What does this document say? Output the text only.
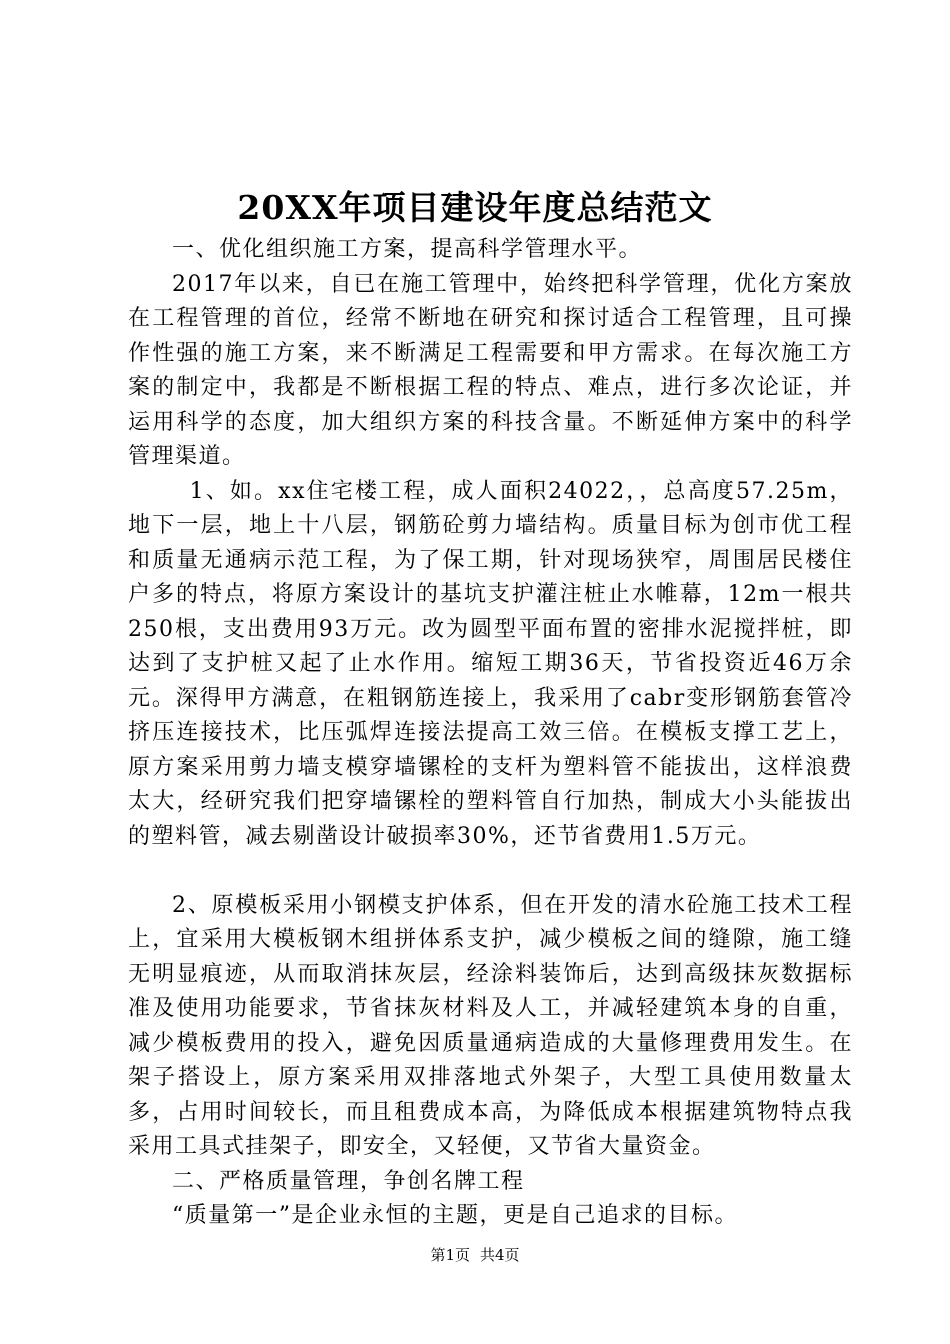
20XX年项目建设年度总结范文

一、优化组织施工方案，提高科学管理水平。

2017年以来，自已在施工管理中，始终把科学管理，优化方案放在工程管理的首位，经常不断地在研究和探讨适合工程管理，且可操作性强的施工方案，来不断满足工程需要和甲方需求。在每次施工方案的制定中，我都是不断根据工程的特点、难点，进行多次论证，并运用科学的态度，加大组织方案的科技含量。不断延伸方案中的科学管理渠道。

1、如。xx住宅楼工程，成人面积24022，，总高度57.25m，地下一层，地上十八层，钢筋砼剪力墙结构。质量目标为创市优工程和质量无通病示范工程，为了保工期，针对现场狭窄，周围居民楼住户多的特点，将原方案设计的基坑支护灌注桩止水帷幕，12m一根共250根，支出费用93万元。改为圆型平面布置的密排水泥搅拌桩，即达到了支护桩又起了止水作用。缩短工期36天，节省投资近46万余元。深得甲方满意，在粗钢筋连接上，我采用了cabr变形钢筋套管冷挤压连接技术，比压弧焊连接法提高工效三倍。在模板支撑工艺上，原方案采用剪力墙支模穿墙镙栓的支杆为塑料管不能拔出，这样浪费太大，经研究我们把穿墙镙栓的塑料管自行加热，制成大小头能拔出的塑料管，减去剔凿设计破损率30%，还节省费用1.5万元。

2、原模板采用小钢模支护体系，但在开发的清水砼施工技术工程上，宜采用大模板钢木组拼体系支护，减少模板之间的缝隙，施工缝无明显痕迹，从而取消抹灰层，经涂料装饰后，达到高级抹灰数据标准及使用功能要求，节省抹灰材料及人工，并减轻建筑本身的自重，减少模板费用的投入，避免因质量通病造成的大量修理费用发生。在架子搭设上，原方案采用双排落地式外架子，大型工具使用数量太多，占用时间较长，而且租费成本高，为降低成本根据建筑物特点我采用工具式挂架子，即安全，又轻便，又节省大量资金。

二、严格质量管理，争创名牌工程

“质量第一”是企业永恒的主题，更是自己追求的目标。

第1页 共4页
